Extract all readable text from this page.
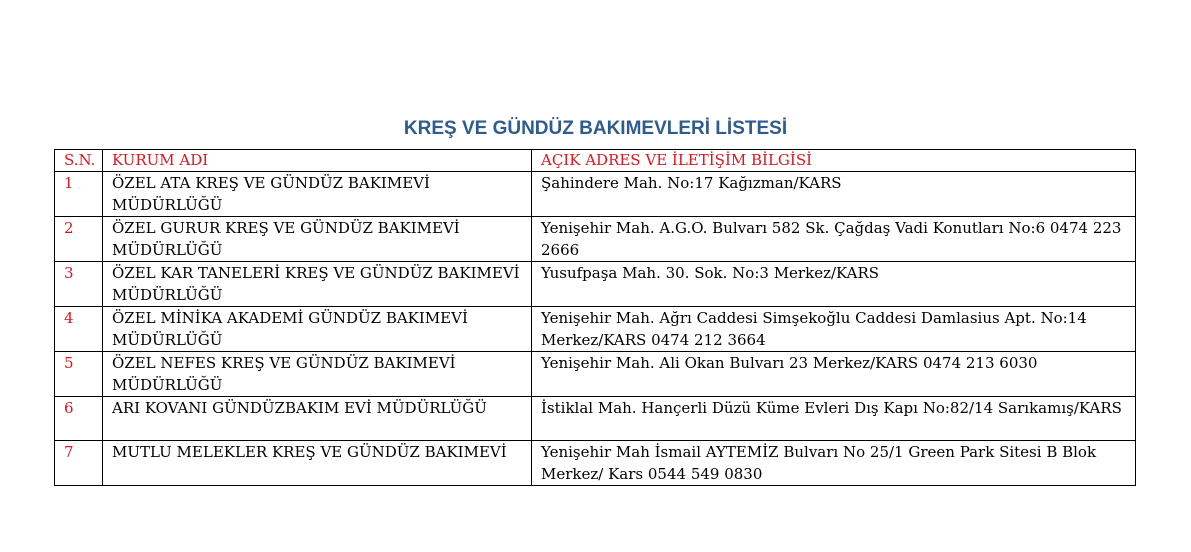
KREŞ VE GÜNDÜZ BAKIMEVLERİ LİSTESİ
S.N.	KURUM ADI	AÇIK ADRES VE İLETİŞİM BİLGİSİ
1	ÖZEL ATA KREŞ VE GÜNDÜZ BAKIMEVİ MÜDÜRLÜĞÜ	Şahindere Mah. No:17 Kağızman/KARS
2	ÖZEL GURUR KREŞ VE GÜNDÜZ BAKIMEVİ MÜDÜRLÜĞÜ	Yenişehir Mah. A.G.O. Bulvarı 582 Sk. Çağdaş Vadi Konutları No:6 0474 223 2666
3	ÖZEL KAR TANELERİ KREŞ VE GÜNDÜZ BAKIMEVİ MÜDÜRLÜĞÜ	Yusufpaşa Mah. 30. Sok. No:3 Merkez/KARS
4	ÖZEL MİNİKA AKADEMİ GÜNDÜZ BAKIMEVİ MÜDÜRLÜĞÜ	Yenişehir Mah. Ağrı Caddesi Simşekoğlu Caddesi Damlasius Apt. No:14 Merkez/KARS 0474 212 3664
5	ÖZEL NEFES KREŞ VE GÜNDÜZ BAKIMEVİ MÜDÜRLÜĞÜ	Yenişehir Mah. Ali Okan Bulvarı 23 Merkez/KARS 0474 213 6030
6	ARI KOVANI GÜNDÜZBAKIM EVİ MÜDÜRLÜĞÜ	İstiklal Mah. Hançerli Düzü Küme Evleri Dış Kapı No:82/14 Sarıkamış/KARS
7	MUTLU MELEKLER KREŞ VE GÜNDÜZ BAKIMEVİ	Yenişehir Mah İsmail AYTEMİZ Bulvarı No 25/1 Green Park Sitesi B Blok Merkez/ Kars 0544 549 0830
